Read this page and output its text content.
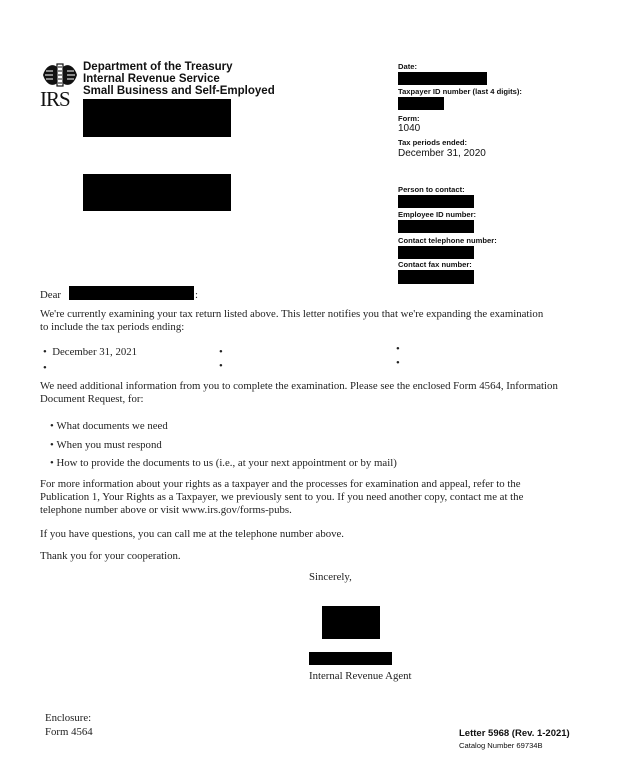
IRS
Department of the Treasury
Internal Revenue Service
Small Business and Self-Employed
Date:
Taxpayer ID number (last 4 digits):
Form:
1040
Tax periods ended:
December 31, 2020
Person to contact:
Employee ID number:
Contact telephone number:
Contact fax number:
Dear	:
We're currently examining your tax return listed above. This letter notifies you that we're expanding the examination to include the tax periods ending:
• December 31, 2021	•	•
•	•	•
We need additional information from you to complete the examination. Please see the enclosed Form 4564, Information Document Request, for:
• What documents we need
• When you must respond
• How to provide the documents to us (i.e., at your next appointment or by mail)
For more information about your rights as a taxpayer and the processes for examination and appeal, refer to the Publication 1, Your Rights as a Taxpayer, we previously sent to you. If you need another copy, contact me at the telephone number above or visit www.irs.gov/forms-pubs.
If you have questions, you can call me at the telephone number above.
Thank you for your cooperation.
Sincerely,
Internal Revenue Agent
Enclosure:
Form 4564	Letter 5968 (Rev. 1-2021)
Catalog Number 69734B
